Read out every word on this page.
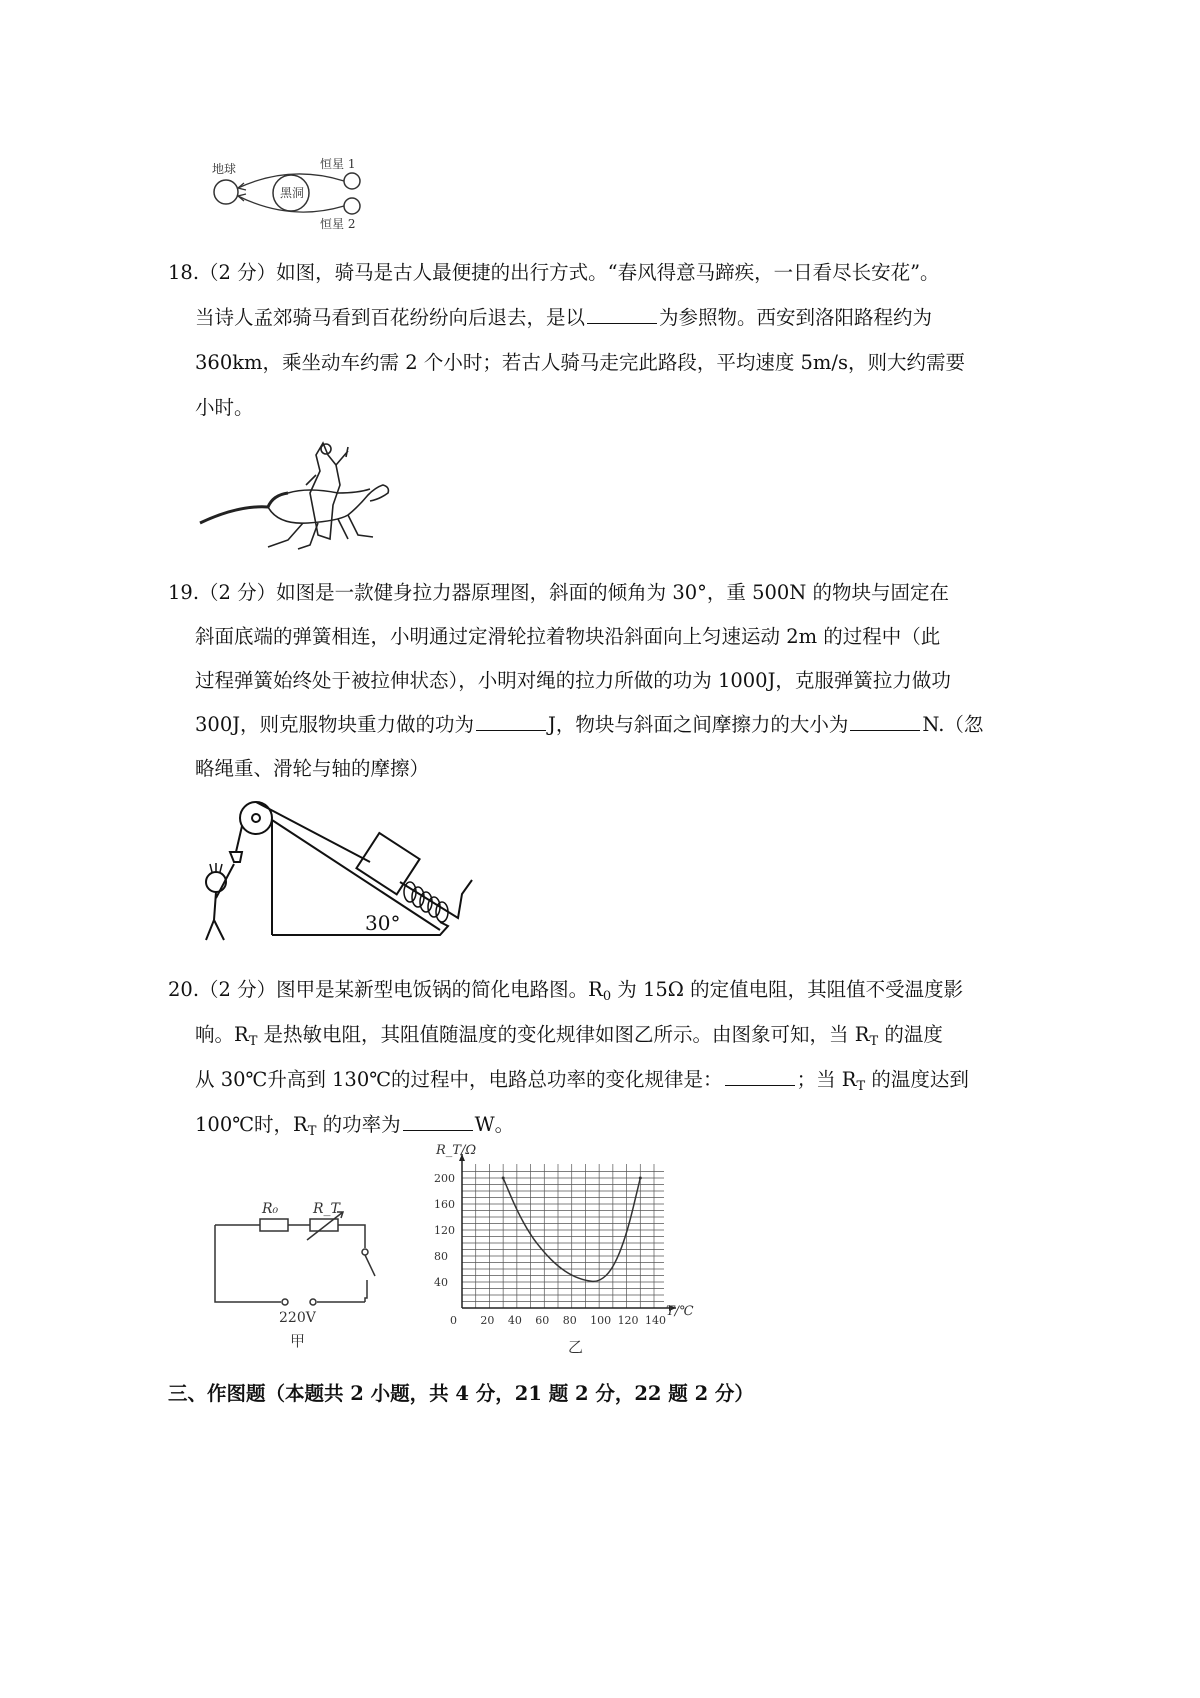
地球
黑洞
恒星 1
恒星 2
18.（2 分）如图，骑马是古人最便捷的出行方式。“春风得意马蹄疾，一日看尽长安花”。
当诗人孟郊骑马看到百花纷纷向后退去，是以	为参照物。西安到洛阳路程约为
360km，乘坐动车约需 2 个小时；若古人骑马走完此路段，平均速度 5m/s，则大约需要
小时。
19.（2 分）如图是一款健身拉力器原理图，斜面的倾角为 30°，重 500N 的物块与固定在
斜面底端的弹簧相连，小明通过定滑轮拉着物块沿斜面向上匀速运动 2m 的过程中（此
过程弹簧始终处于被拉伸状态），小明对绳的拉力所做的功为 1000J，克服弹簧拉力做功
300J，则克服物块重力做的功为	J，物块与斜面之间摩擦力的大小为	N.（忽
略绳重、滑轮与轴的摩擦）
30°
20.（2 分）图甲是某新型电饭锅的简化电路图。$R_0$ 为 15Ω 的定值电阻，其阻值不受温度影
响。$R_T$ 是热敏电阻，其阻值随温度的变化规律如图乙所示。由图象可知，当 $R_T$ 的温度
从 30℃升高到 130℃的过程中，电路总功率的变化规律是：	；当 $R_T$ 的温度达到
100℃时，$R_T$ 的功率为	W。
R₀ R_T
220V
甲
0 20 40 60 80 100 120 140
40
80
120
160
200
R_T/Ω
T/℃
乙
三、作图题（本题共 2 小题，共 4 分，21 题 2 分，22 题 2 分）
